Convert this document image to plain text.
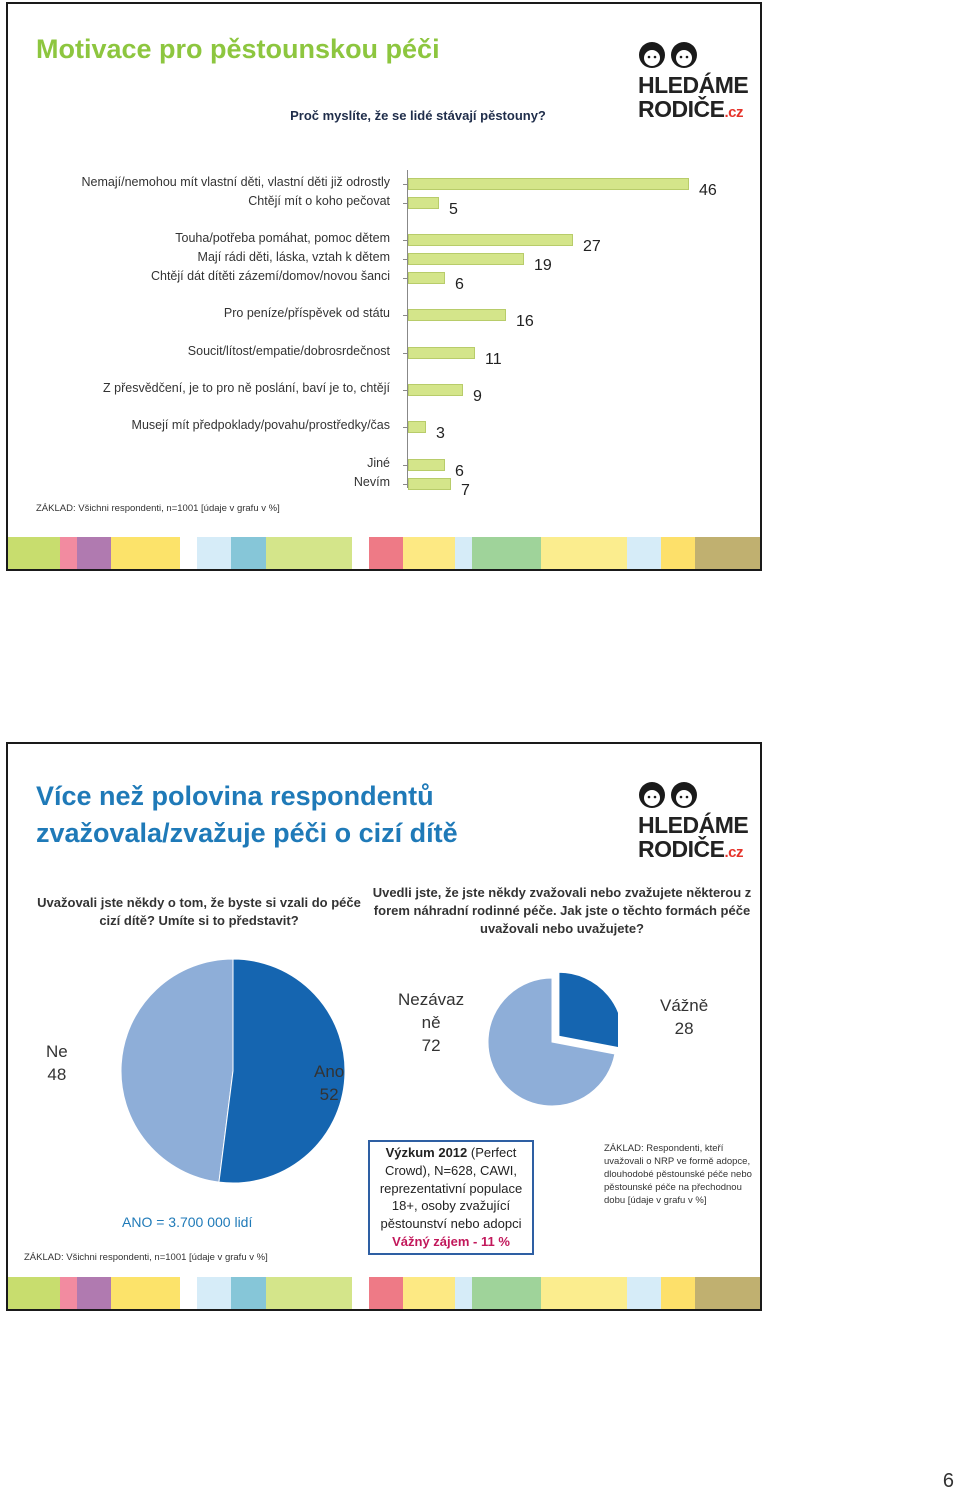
Motivace pro pěstounskou péči
HLEDÁME
RODIČE.cz
Proč myslíte, že se lidé stávají pěstouny?
Nemají/nemohou mít vlastní děti, vlastní děti již odrostly	46
Chtějí mít o koho pečovat	5
Touha/potřeba pomáhat, pomoc dětem	27
Mají rádi děti, láska, vztah k dětem	19
Chtějí dát dítěti zázemí/domov/novou šanci	6
Pro peníze/příspěvek od státu	16
Soucit/lítost/empatie/dobrosrdečnost	11
Z přesvědčení, je to pro ně poslání, baví je to, chtějí	9
Musejí mít předpoklady/povahu/prostředky/čas	3
Jiné	6
Nevím	7
ZÁKLAD: Všichni respondenti, n=1001 [údaje v grafu v %]
Více než polovina respondentů
zvažovala/zvažuje péči o cizí dítě	HLEDÁME
RODIČE.cz
Uvažovali jste někdy o tom, že byste si vzali do péče cizí dítě? Umíte si to představit?
Uvedli jste, že jste někdy zvažovali nebo zvažujete některou z forem náhradní rodinné péče. Jak jste o těchto formách péče uvažovali nebo uvažujete?
Ne
48	Ano
52
ANO = 3.700 000 lidí
Nezávaz
ně
72
Vážně
28
Výzkum 2012 (Perfect Crowd), N=628, CAWI, reprezentativní populace 18+, osoby zvažující pěstounství nebo adopci
Vážný zájem - 11 %
ZÁKLAD: Respondenti, kteří uvažovali o NRP ve formě adopce, dlouhodobé pěstounské péče nebo pěstounské péče na přechodnou dobu [údaje v grafu v %]
ZÁKLAD: Všichni respondenti, n=1001 [údaje v grafu v %]
6
